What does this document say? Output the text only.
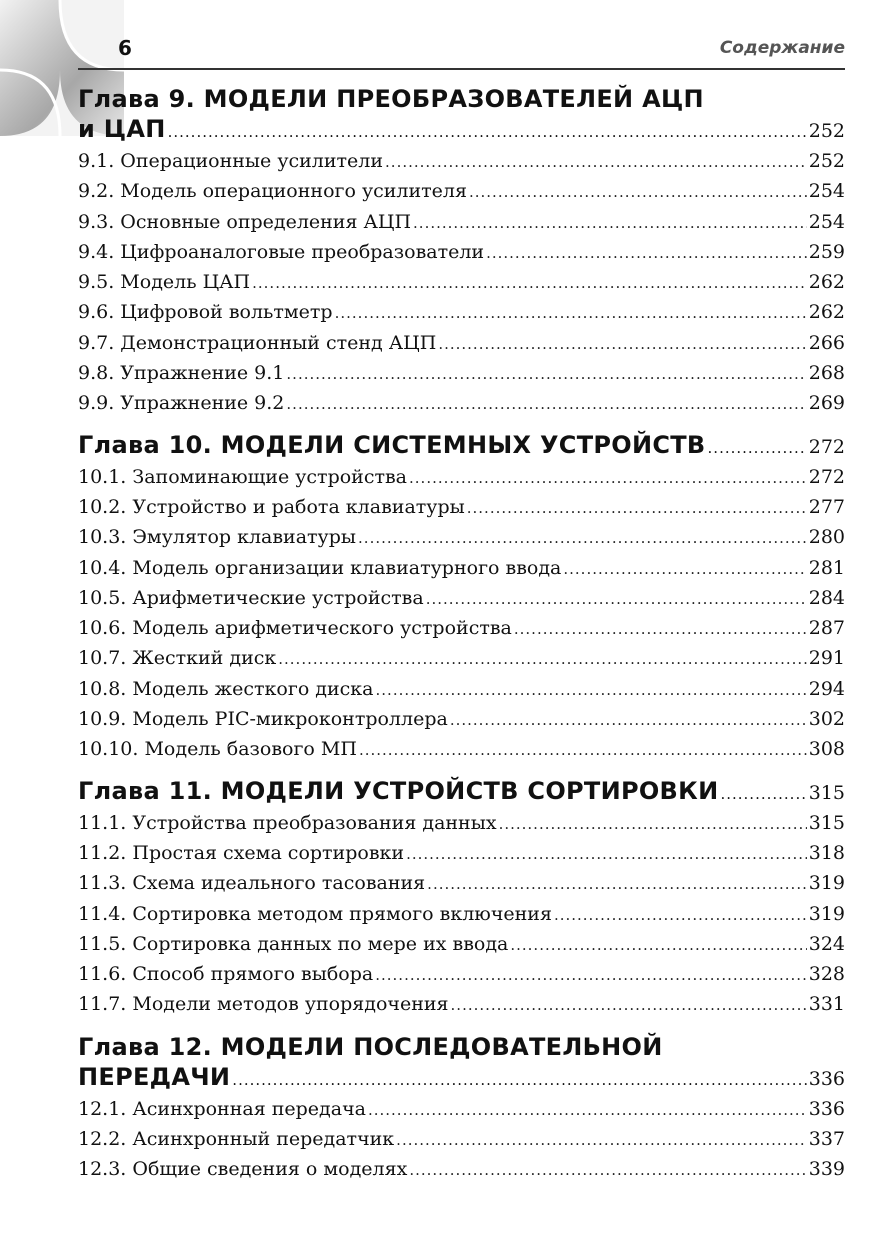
6	Содержание
Глава 9. МОДЕЛИ ПРЕОБРАЗОВАТЕЛЕЙ АЦП
и ЦАП .....	252
9.1. Операционные усилители .....	252
9.2. Модель операционного усилителя .....	254
9.3. Основные определения АЦП .....	254
9.4. Цифроаналоговые преобразователи .....	259
9.5. Модель ЦАП .....	262
9.6. Цифровой вольтметр .....	262
9.7. Демонстрационный стенд АЦП .....	266
9.8. Упражнение 9.1 .....	268
9.9. Упражнение 9.2 .....	269
Глава 10. МОДЕЛИ СИСТЕМНЫХ УСТРОЙСТВ .....	272
10.1. Запоминающие устройства .....	272
10.2. Устройство и работа клавиатуры .....	277
10.3. Эмулятор клавиатуры .....	280
10.4. Модель организации клавиатурного ввода .....	281
10.5. Арифметические устройства .....	284
10.6. Модель арифметического устройства .....	287
10.7. Жесткий диск .....	291
10.8. Модель жесткого диска .....	294
10.9. Модель PIC-микроконтроллера .....	302
10.10. Модель базового МП .....	308
Глава 11. МОДЕЛИ УСТРОЙСТВ СОРТИРОВКИ .....	315
11.1. Устройства преобразования данных .....	315
11.2. Простая схема сортировки .....	318
11.3. Схема идеального тасования .....	319
11.4. Сортировка методом прямого включения .....	319
11.5. Сортировка данных по мере их ввода .....	324
11.6. Способ прямого выбора .....	328
11.7. Модели методов упорядочения .....	331
Глава 12. МОДЕЛИ ПОСЛЕДОВАТЕЛЬНОЙ
ПЕРЕДАЧИ .....	336
12.1. Асинхронная передача .....	336
12.2. Асинхронный передатчик .....	337
12.3. Общие сведения о моделях .....	339
